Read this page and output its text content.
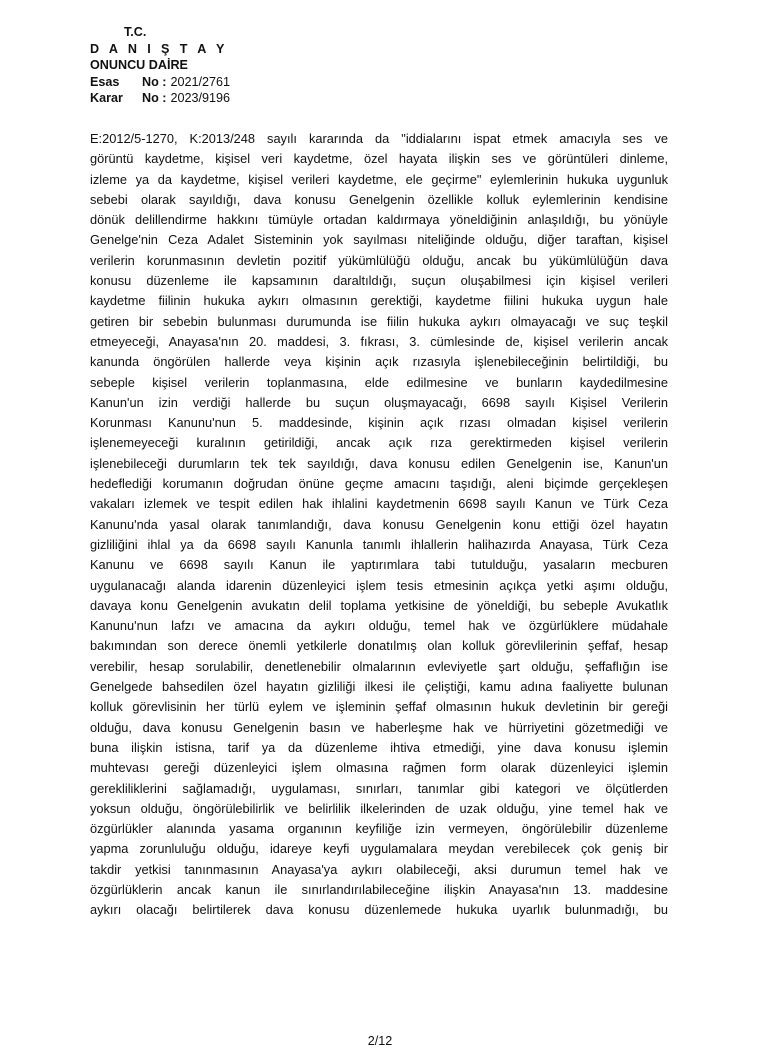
T.C.
D A N I Ş T A Y
ONUNCU DAİRE
Esas No : 2021/2761
Karar No : 2023/9196
E:2012/5-1270, K:2013/248 sayılı kararında da "iddialarını ispat etmek amacıyla ses ve
görüntü kaydetme, kişisel veri kaydetme, özel hayata ilişkin ses ve görüntüleri dinleme,
izleme ya da kaydetme, kişisel verileri kaydetme, ele geçirme" eylemlerinin hukuka uygunluk
sebebi olarak sayıldığı, dava konusu Genelgenin özellikle kolluk eylemlerinin kendisine
dönük delillendirme hakkını tümüyle ortadan kaldırmaya yöneldiğinin anlaşıldığı, bu yönüyle
Genelge'nin Ceza Adalet Sisteminin yok sayılması niteliğinde olduğu, diğer taraftan, kişisel
verilerin korunmasının devletin pozitif yükümlülüğü olduğu, ancak bu yükümlülüğün dava
konusu düzenleme ile kapsamının daraltıldığı, suçun oluşabilmesi için kişisel verileri
kaydetme fiilinin hukuka aykırı olmasının gerektiği, kaydetme fiilini hukuka uygun hale
getiren bir sebebin bulunması durumunda ise fiilin hukuka aykırı olmayacağı ve suç teşkil
etmeyeceği, Anayasa'nın 20. maddesi, 3. fıkrası, 3. cümlesinde de, kişisel verilerin ancak
kanunda öngörülen hallerde veya kişinin açık rızasıyla işlenebileceğinin belirtildiği, bu
sebeple kişisel verilerin toplanmasına, elde edilmesine ve bunların kaydedilmesine
Kanun'un izin verdiği hallerde bu suçun oluşmayacağı, 6698 sayılı Kişisel Verilerin
Korunması Kanunu'nun 5. maddesinde, kişinin açık rızası olmadan kişisel verilerin
işlenemeyeceği kuralının getirildiği, ancak açık rıza gerektirmeden kişisel verilerin
işlenebileceği durumların tek tek sayıldığı, dava konusu edilen Genelgenin ise, Kanun'un
hedeflediği korumanın doğrudan önüne geçme amacını taşıdığı, aleni biçimde gerçekleşen
vakaları izlemek ve tespit edilen hak ihlalini kaydetmenin 6698 sayılı Kanun ve Türk Ceza
Kanunu'nda yasal olarak tanımlandığı, dava konusu Genelgenin konu ettiği özel hayatın
gizliliğini ihlal ya da 6698 sayılı Kanunla tanımlı ihlallerin halihazırda Anayasa, Türk Ceza
Kanunu ve 6698 sayılı Kanun ile yaptırımlara tabi tutulduğu, yasaların mecburen
uygulanacağı alanda idarenin düzenleyici işlem tesis etmesinin açıkça yetki aşımı olduğu,
davaya konu Genelgenin avukatın delil toplama yetkisine de yöneldiği, bu sebeple Avukatlık
Kanunu'nun lafzı ve amacına da aykırı olduğu, temel hak ve özgürlüklere müdahale
bakımından son derece önemli yetkilerle donatılmış olan kolluk görevlilerinin şeffaf, hesap
verebilir, hesap sorulabilir, denetlenebilir olmalarının evleviyetle şart olduğu, şeffaflığın ise
Genelgede bahsedilen özel hayatın gizliliği ilkesi ile çeliştiği, kamu adına faaliyette bulunan
kolluk görevlisinin her türlü eylem ve işleminin şeffaf olmasının hukuk devletinin bir gereği
olduğu, dava konusu Genelgenin basın ve haberleşme hak ve hürriyetini gözetmediği ve
buna ilişkin istisna, tarif ya da düzenleme ihtiva etmediği, yine dava konusu işlemin
muhtevası gereği düzenleyici işlem olmasına rağmen form olarak düzenleyici işlemin
gerekliliklerini sağlamadığı, uygulaması, sınırları, tanımlar gibi kategori ve ölçütlerden
yoksun olduğu, öngörülebilirlik ve belirlilik ilkelerinden de uzak olduğu, yine temel hak ve
özgürlükler alanında yasama organının keyfiliğe izin vermeyen, öngörülebilir düzenleme
yapma zorunluluğu olduğu, idareye keyfi uygulamalara meydan verebilecek çok geniş bir
takdir yetkisi tanınmasının Anayasa'ya aykırı olabileceği, aksi durumun temel hak ve
özgürlüklerin ancak kanun ile sınırlandırılabileceğine ilişkin Anayasa'nın 13. maddesine
aykırı olacağı belirtilerek dava konusu düzenlemede hukuka uyarlık bulunmadığı, bu
2/12
